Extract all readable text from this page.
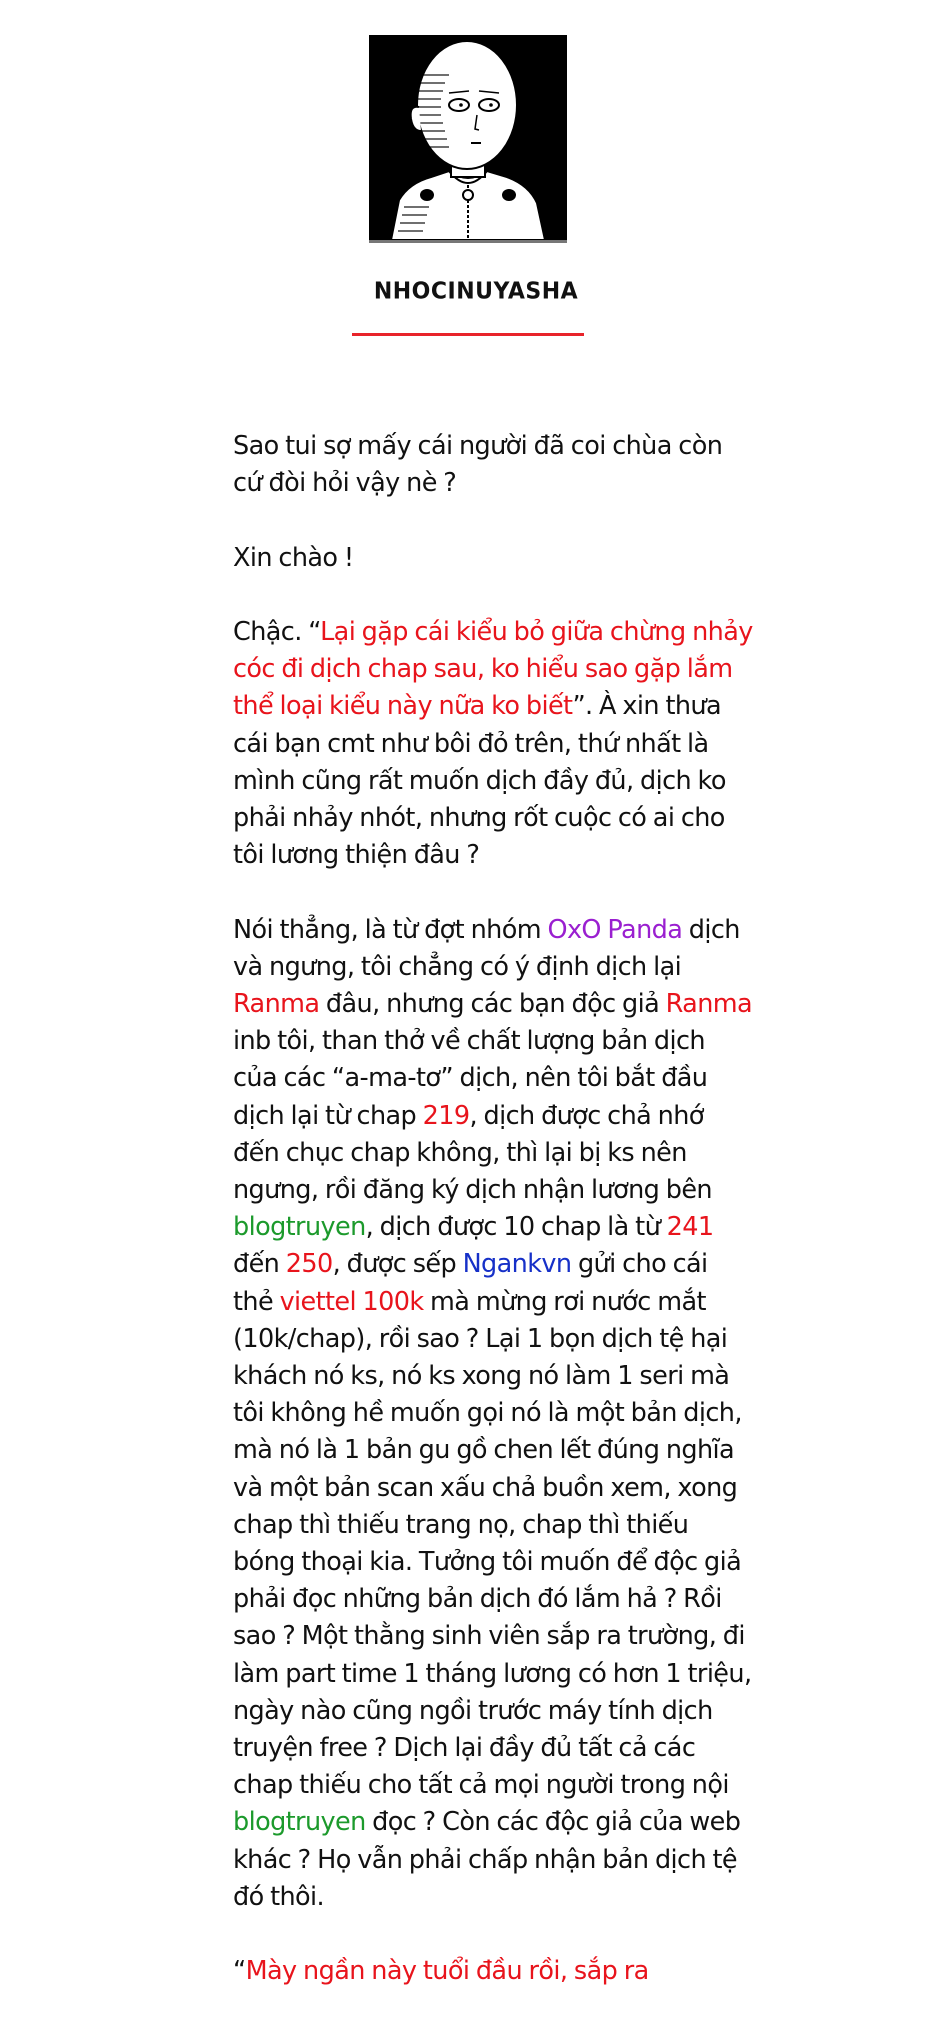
NHOCINUYASHA

Sao tui sợ mấy cái người đã coi chùa còn cứ đòi hỏi vậy nè ?

Xin chào !

Chậc. “Lại gặp cái kiểu bỏ giữa chừng nhảy cóc đi dịch chap sau, ko hiểu sao gặp lắm thể loại kiểu này nữa ko biết”. À xin thưa cái bạn cmt như bôi đỏ trên, thứ nhất là mình cũng rất muốn dịch đầy đủ, dịch ko phải nhảy nhót, nhưng rốt cuộc có ai cho tôi lương thiện đâu ?

Nói thẳng, là từ đợt nhóm OxO Panda dịch và ngưng, tôi chẳng có ý định dịch lại Ranma đâu, nhưng các bạn độc giả Ranma inb tôi, than thở về chất lượng bản dịch của các “a-ma-tơ” dịch, nên tôi bắt đầu dịch lại từ chap 219, dịch được chả nhớ đến chục chap không, thì lại bị ks nên ngưng, rồi đăng ký dịch nhận lương bên blogtruyen, dịch được 10 chap là từ 241 đến 250, được sếp Ngankvn gửi cho cái thẻ viettel 100k mà mừng rơi nước mắt (10k/chap), rồi sao ? Lại 1 bọn dịch tệ hại khách nó ks, nó ks xong nó làm 1 seri mà tôi không hề muốn gọi nó là một bản dịch, mà nó là 1 bản gu gồ chen lết đúng nghĩa và một bản scan xấu chả buồn xem, xong chap thì thiếu trang nọ, chap thì thiếu bóng thoại kia. Tưởng tôi muốn để độc giả phải đọc những bản dịch đó lắm hả ? Rồi sao ? Một thằng sinh viên sắp ra trường, đi làm part time 1 tháng lương có hơn 1 triệu, ngày nào cũng ngồi trước máy tính dịch truyện free ? Dịch lại đầy đủ tất cả các chap thiếu cho tất cả mọi người trong nội blogtruyen đọc ? Còn các độc giả của web khác ? Họ vẫn phải chấp nhận bản dịch tệ đó thôi.

“Mày ngần này tuổi đầu rồi, sắp ra
